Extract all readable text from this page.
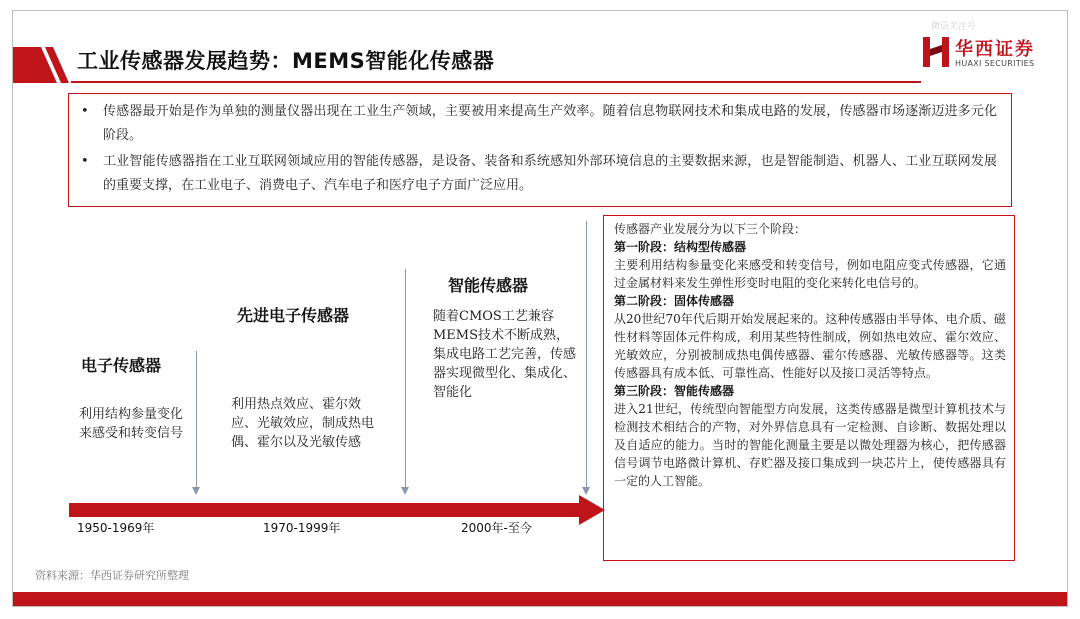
工业传感器发展趋势：MEMS智能化传感器
微信关注号
华西证券
HUAXI SECURITIES
•	传感器最开始是作为单独的测量仪器出现在工业生产领域，主要被用来提高生产效率。随着信息物联网技术和集成电路的发展，传感器市场逐渐迈进多元化阶段。
•	工业智能传感器指在工业互联网领域应用的智能传感器，是设备、装备和系统感知外部环境信息的主要数据来源，也是智能制造、机器人、工业互联网发展的重要支撑，在工业电子、消费电子、汽车电子和医疗电子方面广泛应用。
电子传感器
利用结构参量变化来感受和转变信号
先进电子传感器
利用热点效应、霍尔效应、光敏效应，制成热电偶、霍尔以及光敏传感
智能传感器
随着CMOS工艺兼容MEMS技术不断成熟，集成电路工艺完善，传感器实现微型化、集成化、智能化
1950-1969年	1970-1999年	2000年-至今

传感器产业发展分为以下三个阶段：

第一阶段：结构型传感器

主要利用结构参量变化来感受和转变信号，例如电阻应变式传感器，它通过金属材料来发生弹性形变时电阻的变化来转化电信号的。

第二阶段：固体传感器

从20世纪70年代后期开始发展起来的。这种传感器由半导体、电介质、磁性材料等固体元件构成，利用某些特性制成，例如热电效应、霍尔效应、光敏效应，分别被制成热电偶传感器、霍尔传感器、光敏传感器等。这类传感器具有成本低、可靠性高、性能好以及接口灵活等特点。

第三阶段：智能传感器

进入21世纪，传统型向智能型方向发展，这类传感器是微型计算机技术与检测技术相结合的产物，对外界信息具有一定检测、自诊断、数据处理以及自适应的能力。当时的智能化测量主要是以微处理器为核心，把传感器信号调节电路微计算机、存贮器及接口集成到一块芯片上，使传感器具有一定的人工智能。

资料来源：华西证券研究所整理
